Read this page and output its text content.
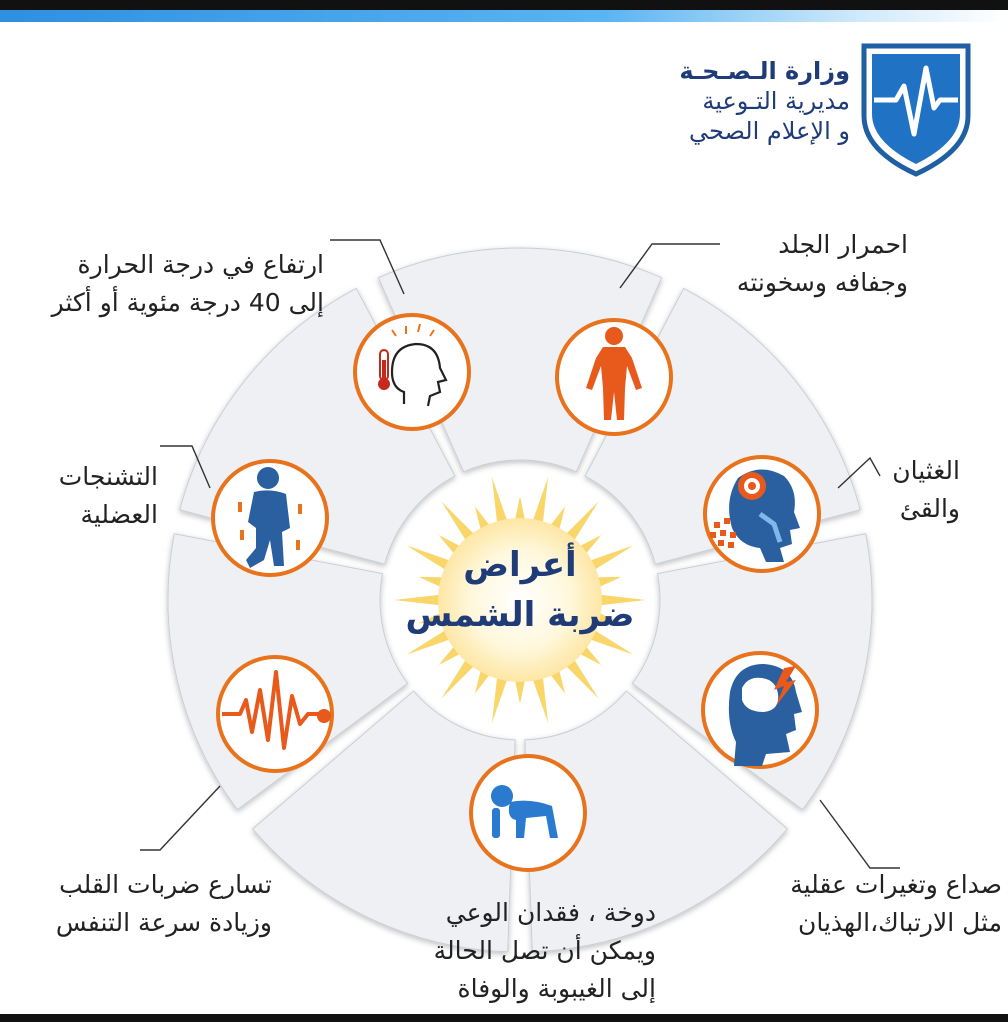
وزارة الـصـحـة
مديرية التـوعية
و الإعلام الصحي
أعراض
ضربة الشمس
احمرار الجلد
وجفافه وسخونته
الغثيان
والقئ
صداع وتغيرات عقلية
مثل الارتباك،الهذيان
دوخة ، فقدان الوعي
ويمكن أن تصل الحالة
إلى الغيبوبة والوفاة
تسارع ضربات القلب
وزيادة سرعة التنفس
التشنجات
العضلية
ارتفاع في درجة الحرارة
إلى 40 درجة مئوية أو أكثر
